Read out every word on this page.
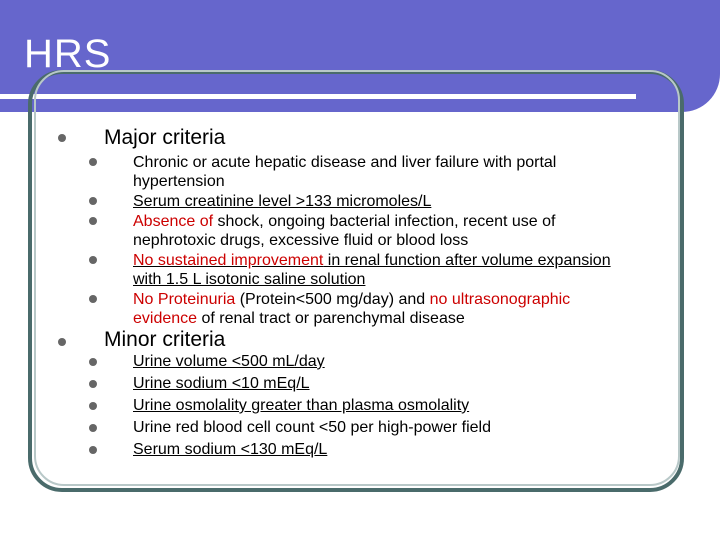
HRS
Major criteria
Chronic or acute hepatic disease and liver failure with portal hypertension
Serum creatinine level >133 micromoles/L
Absence of shock, ongoing bacterial infection, recent use of nephrotoxic drugs, excessive fluid or blood loss
No sustained improvement in renal function after volume expansion with 1.5 L isotonic saline solution
No Proteinuria (Protein<500 mg/day) and no ultrasonographic evidence of renal tract or parenchymal disease
Minor criteria
Urine volume <500 mL/day
Urine sodium <10 mEq/L
Urine osmolality greater than plasma osmolality
Urine red blood cell count <50 per high-power field
Serum sodium <130 mEq/L
